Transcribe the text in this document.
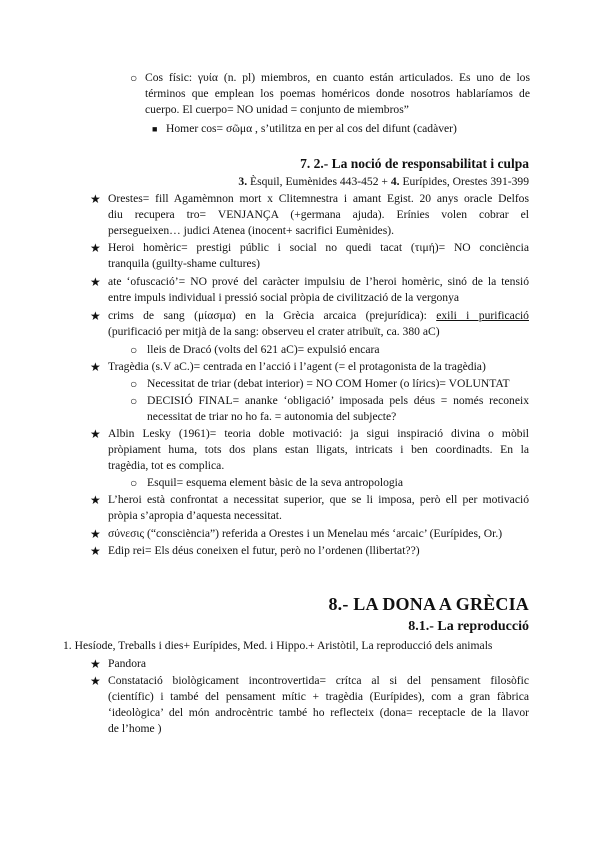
○ Cos físic: γυία (n. pl) miembros, en cuanto están articulados. Es uno de los
términos que emplean los poemas homéricos donde nosotros hablaríamos de
cuerpo. El cuerpo= NO unidad = conjunto de miembros”
■ Homer cos= σῶμα , s’utilitza en per al cos del difunt (cadàver)
7. 2.- La noció de responsabilitat i culpa
3. Èsquil, Eumènides 443-452 + 4. Eurípides, Orestes 391-399
★ Orestes= fill Agamèmnon mort x Clitemnestra i amant Egist. 20 anys oracle Delfos
diu recupera tro= VENJANÇA (+germana ajuda). Erínies volen cobrar el
persegueixen… judici Atenea (inocent+ sacrifici Eumènides).
★ Heroi homèric= prestigi públic i social no quedi tacat (τιμή)= NO conciència
tranquila (guilty-shame cultures)
★ ate ‘ofuscació’= NO prové del caràcter impulsiu de l’heroi homèric, sinó de la tensió
entre impuls individual i pressió social pròpia de civilització de la vergonya
★ crims de sang (μίασμα) en la Grècia arcaica (prejurídica): exili i purificació
(purificació per mitjà de la sang: observeu el crater atribuït, ca. 380 aC)
○ lleis de Dracó (volts del 621 aC)= expulsió encara
★ Tragèdia (s.V aC.)= centrada en l’acció i l’agent (= el protagonista de la tragèdia)
○ Necessitat de triar (debat interior) = NO COM Homer (o lírics)= VOLUNTAT
○ DECISIÓ FINAL= ananke ‘obligació’ imposada pels déus = només reconeix
necessitat de triar no ho fa. = autonomia del subjecte?
★ Albin Lesky (1961)= teoria doble motivació: ja sigui inspiració divina o mòbil
pròpiament huma, tots dos plans estan lligats, intricats i ben coordinadts. En la
tragèdia, tot es complica.
○ Esquil= esquema element bàsic de la seva antropologia
★ L’heroi està confrontat a necessitat superior, que se li imposa, però ell per motivació
pròpia s’apropia d’aquesta necessitat.
★ σύνεσις (“consciència”) referida a Orestes i un Menelau més ‘arcaic’ (Eurípides, Or.)
★ Edip rei= Els déus coneixen el futur, però no l’ordenen (llibertat??)
8.- LA DONA A GRÈCIA
8.1.- La reproducció
1. Hesíode, Treballs i dies+ Eurípides, Med. i Hippo.+ Aristòtil, La reproducció dels animals
★ Pandora
★ Constatació biològicament incontrovertida= crítca al si del pensament filosòfic
(científic) i també del pensament mític + tragèdia (Eurípides), com a gran fàbrica
‘ideològica’ del món androcèntric també ho reflecteix (dona= receptacle de la llavor
de l’home )
